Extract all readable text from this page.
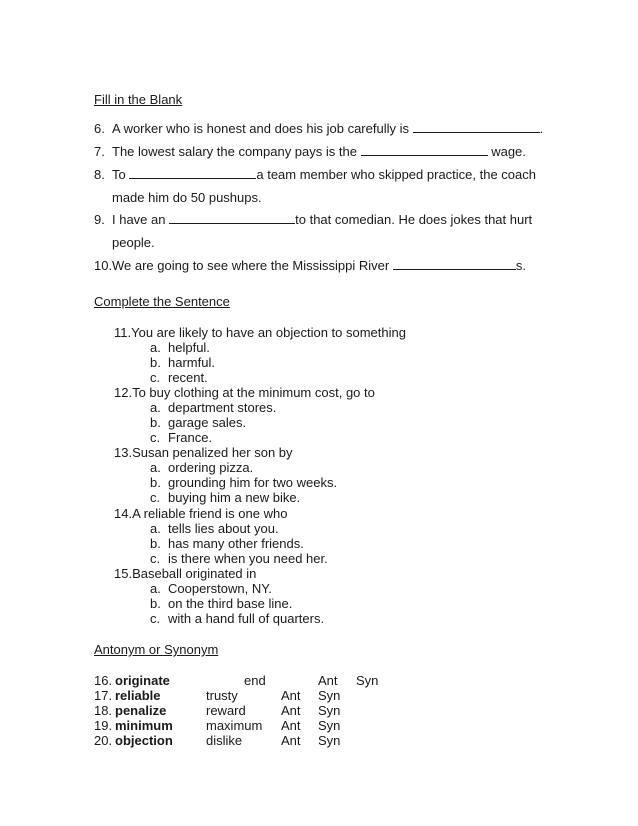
Fill in the Blank
6. A worker who is honest and does his job carefully is	.
7. The lowest salary the company pays is the	wage.
8. To	a team member who skipped practice, the coach
made him do 50 pushups.
9. I have an	to that comedian. He does jokes that hurt
people.
10. We are going to see where the Mississippi River	s.
Complete the Sentence
11.You are likely to have an objection to something
a. helpful.
b. harmful.
c. recent.
12.To buy clothing at the minimum cost, go to
a. department stores.
b. garage sales.
c. France.
13.Susan penalized her son by
a. ordering pizza.
b. grounding him for two weeks.
c. buying him a new bike.
14.A reliable friend is one who
a. tells lies about you.
b. has many other friends.
c. is there when you need her.
15.Baseball originated in
a. Cooperstown, NY.
b. on the third base line.
c. with a hand full of quarters.
Antonym or Synonym
16. originate	end	Ant Syn
17. reliable	trusty	Ant Syn
18. penalize	reward	Ant Syn
19. minimum	maximum Ant Syn
20. objection	dislike	Ant Syn
